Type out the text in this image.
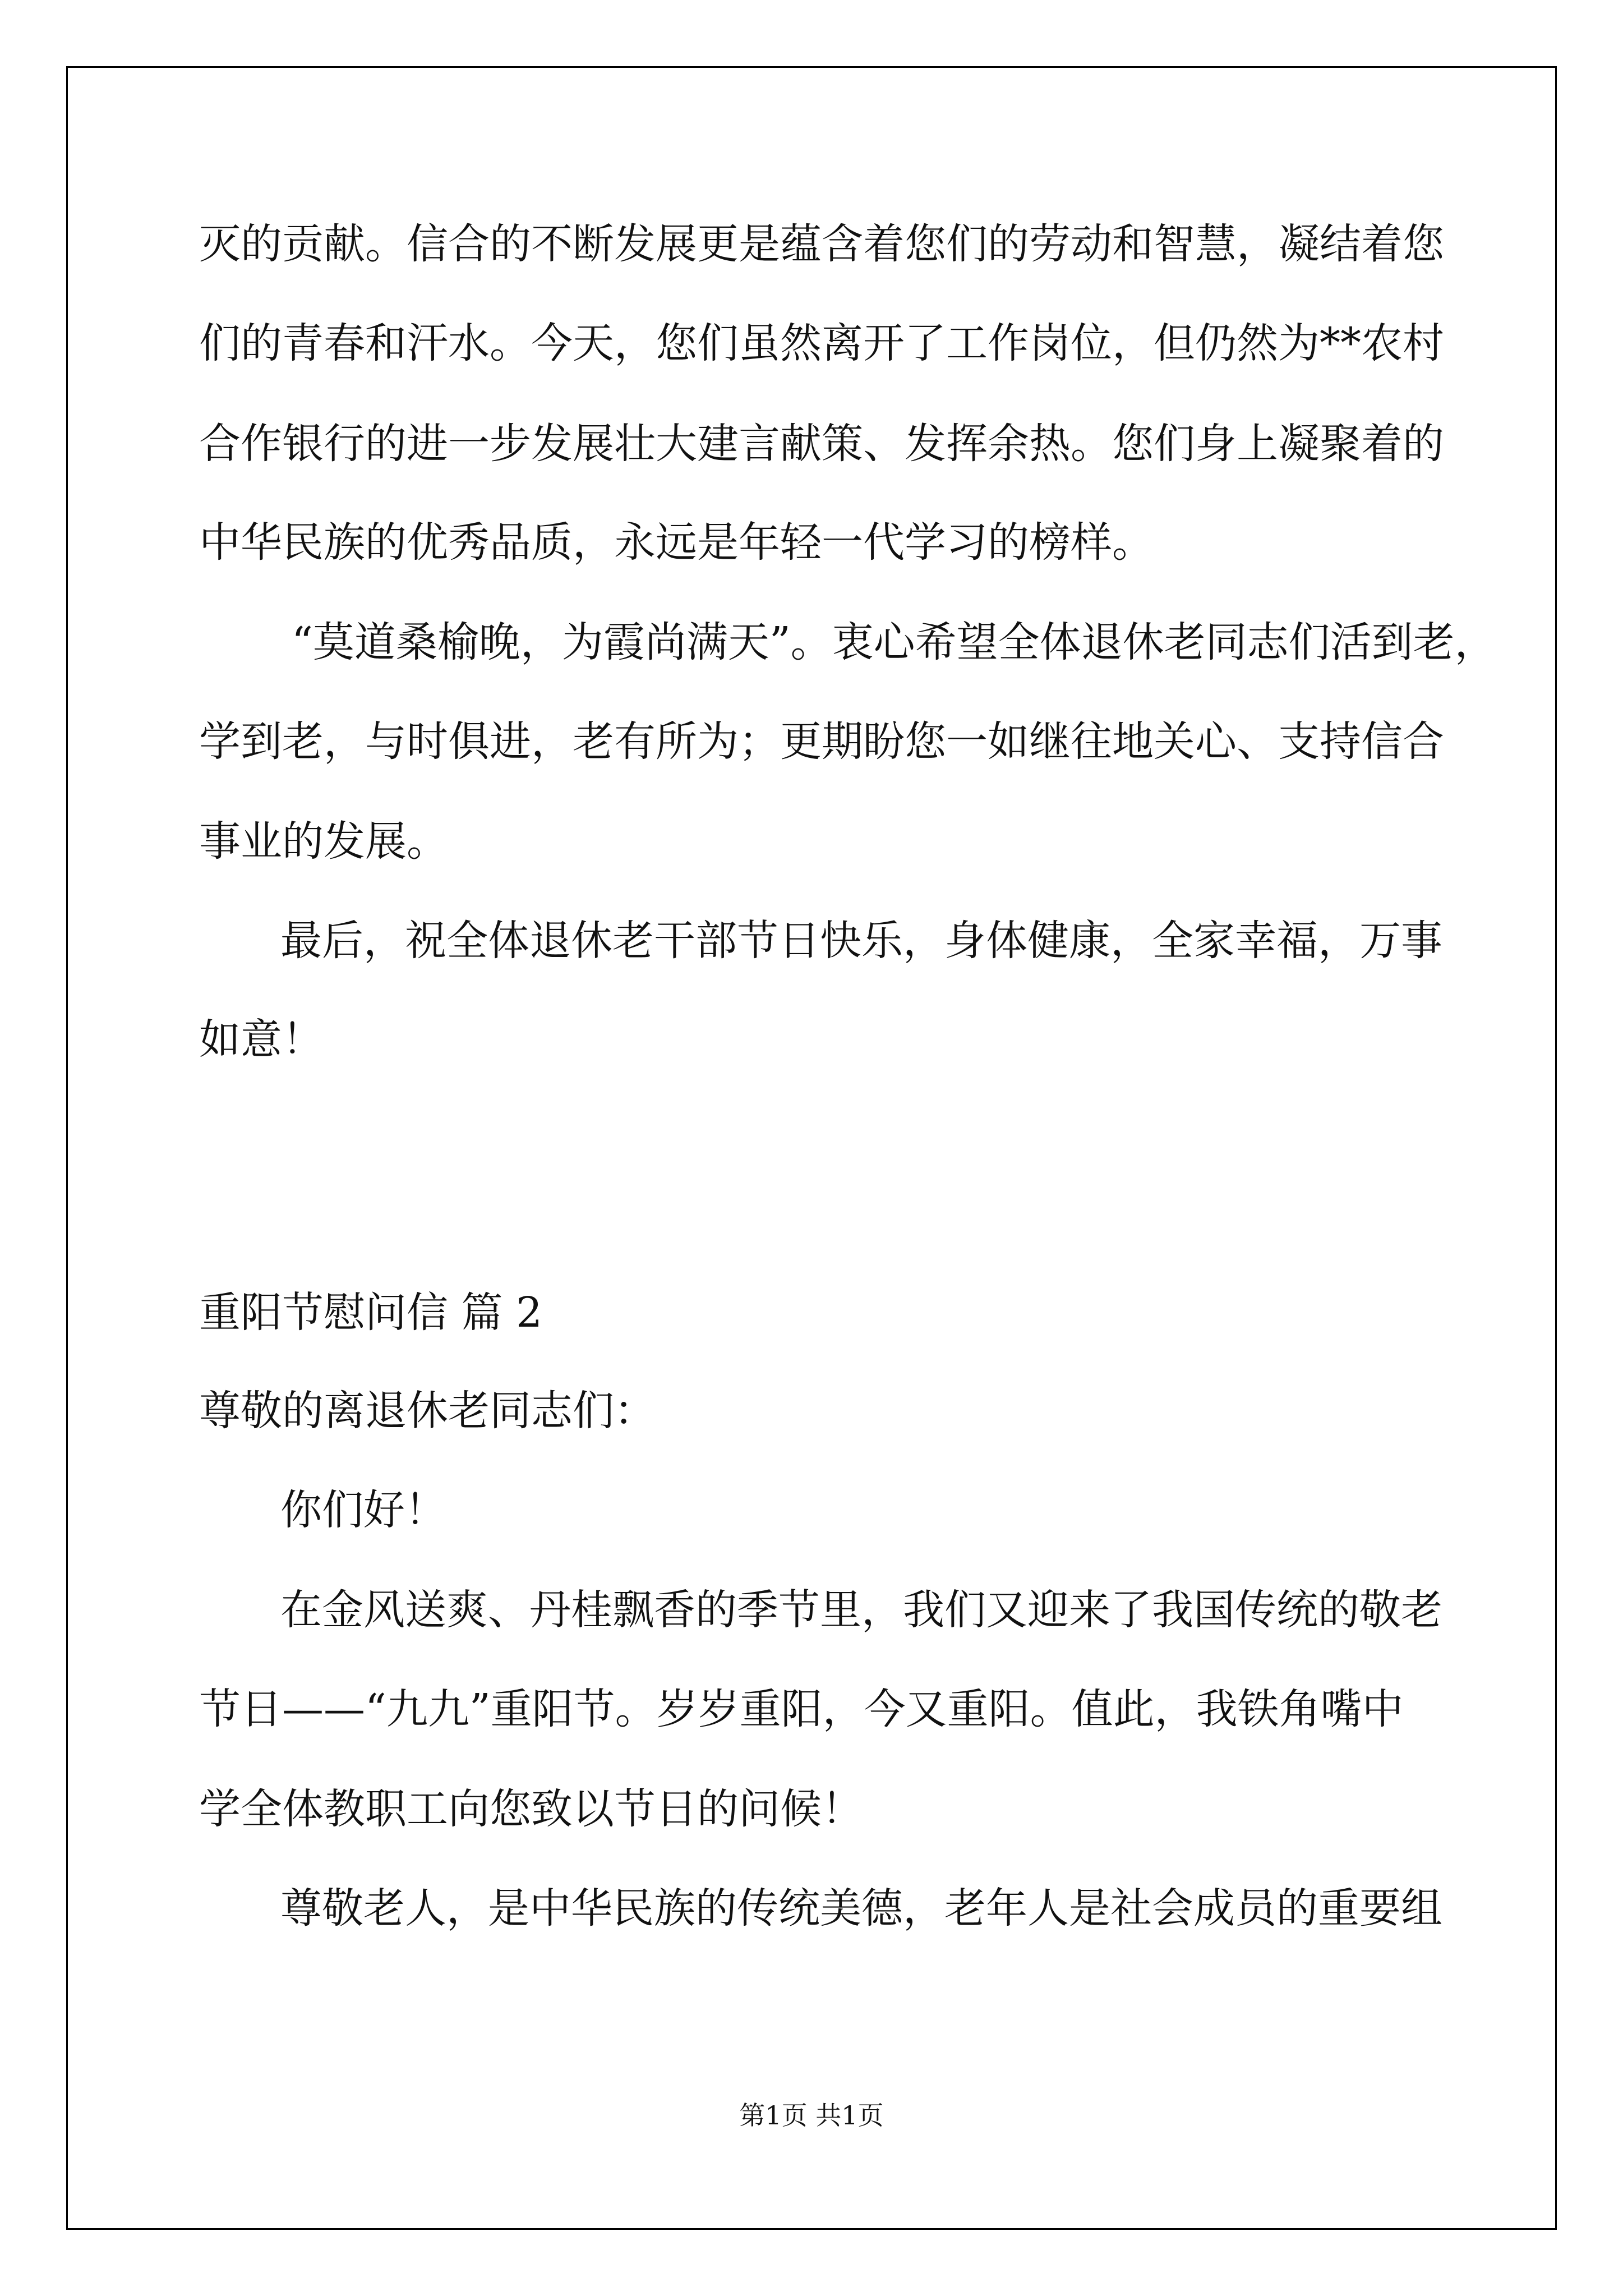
灭的贡献。信合的不断发展更是蕴含着您们的劳动和智慧，凝结着您
们的青春和汗水。今天，您们虽然离开了工作岗位，但仍然为**农村
合作银行的进一步发展壮大建言献策、发挥余热。您们身上凝聚着的
中华民族的优秀品质，永远是年轻一代学习的榜样。
“莫道桑榆晚，为霞尚满天”。衷心希望全体退休老同志们活到老，
学到老，与时俱进，老有所为；更期盼您一如继往地关心、支持信合
事业的发展。
最后，祝全体退休老干部节日快乐，身体健康，全家幸福，万事
如意！
重阳节慰问信 篇 2
尊敬的离退休老同志们：
你们好！
在金风送爽、丹桂飘香的季节里，我们又迎来了我国传统的敬老
节日——“九九”重阳节。岁岁重阳，今又重阳。值此，我铁角嘴中
学全体教职工向您致以节日的问候！
尊敬老人，是中华民族的传统美德，老年人是社会成员的重要组
第1页 共1页
